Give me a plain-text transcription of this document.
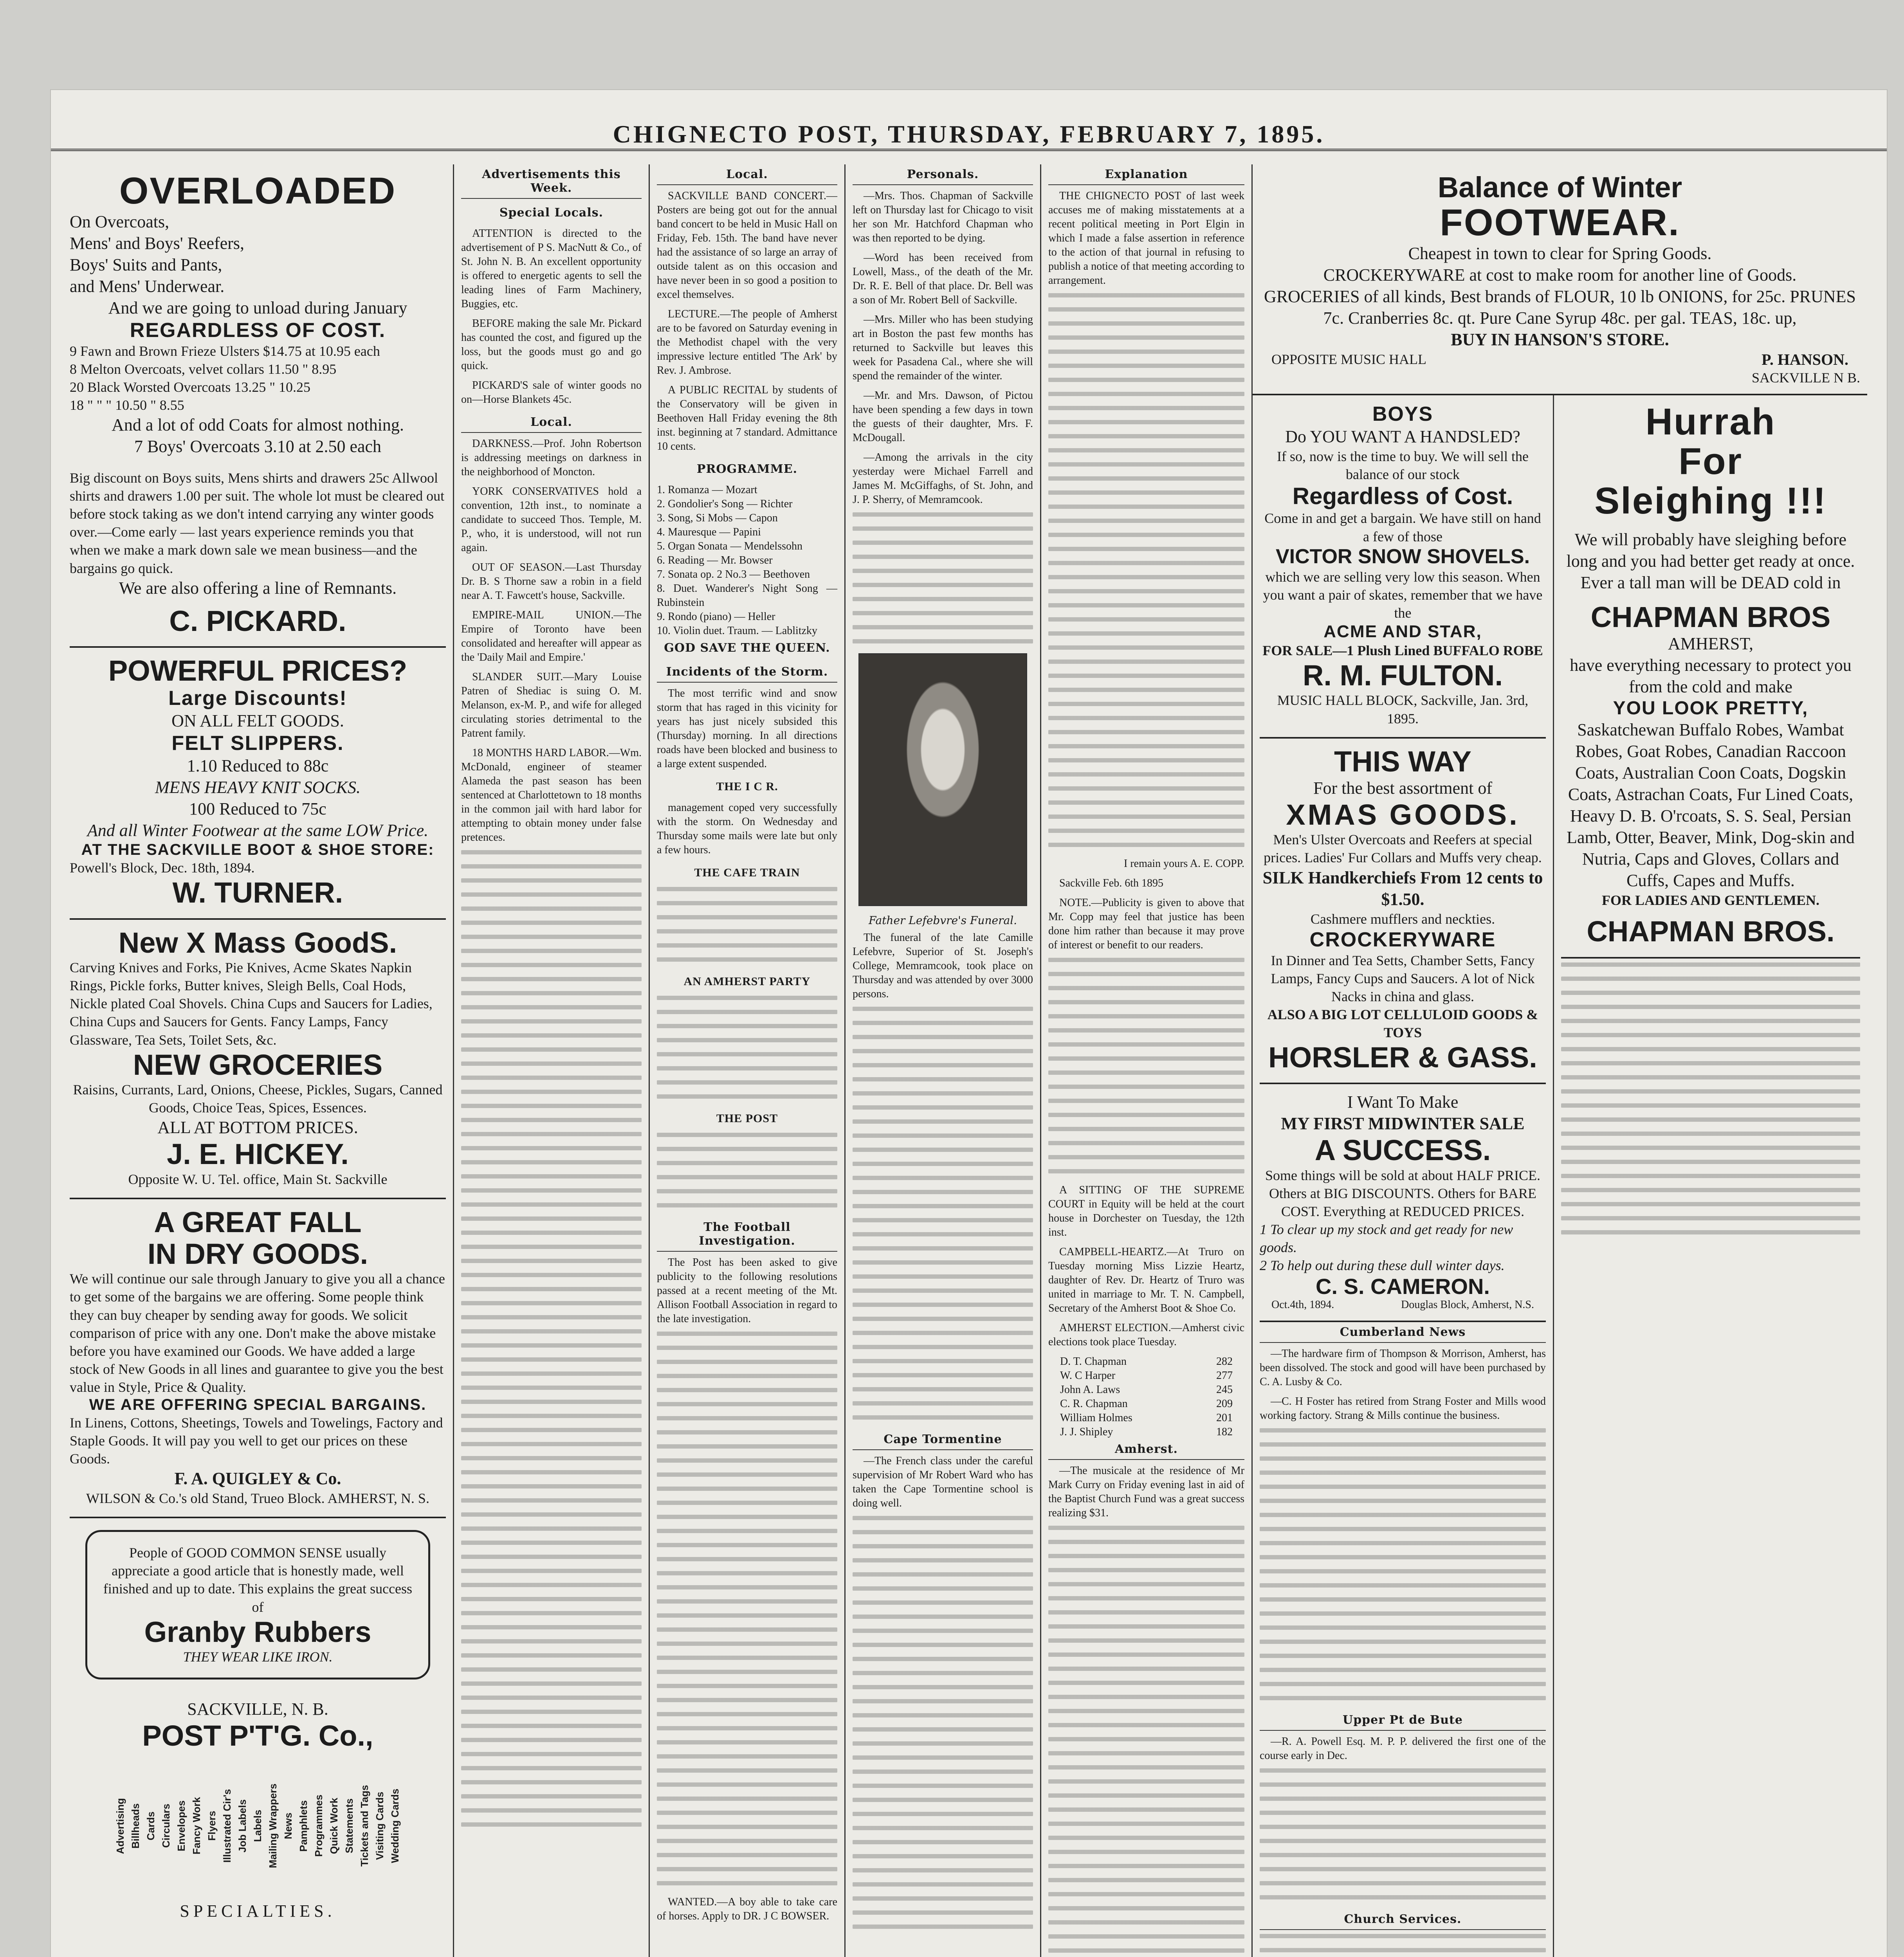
CHIGNECTO POST, THURSDAY, FEBRUARY 7, 1895.
OVERLOADED
On Overcoats,
Mens' and Boys' Reefers,
Boys' Suits and Pants,
and Mens' Underwear.
And we are going to unload during January
REGARDLESS OF COST.
9 Fawn and Brown Frieze Ulsters $14.75 at 10.95 each
8 Melton Overcoats, velvet collars 11.50 " 8.95
20 Black Worsted Overcoats 13.25 " 10.25
18 " " " 10.50 " 8.55
And a lot of odd Coats for almost nothing.
7 Boys' Overcoats 3.10 at 2.50 each
Big discount on Boys suits, Mens shirts and drawers 25c Allwool shirts and drawers 1.00 per suit. The whole lot must be cleared out before stock taking as we don't intend carrying any winter goods over.—Come early — last years experience reminds you that when we make a mark down sale we mean business—and the bargains go quick.
We are also offering a line of Remnants.
C. PICKARD.
POWERFUL PRICES?
Large Discounts!
ON ALL FELT GOODS.
FELT SLIPPERS.
1.10 Reduced to 88c
MENS HEAVY KNIT SOCKS.
100 Reduced to 75c
And all Winter Footwear at the same LOW Price.
AT THE SACKVILLE BOOT & SHOE STORE:
Powell's Block, Dec. 18th, 1894.
W. TURNER.
New X Mass GoodS.
Carving Knives and Forks, Pie Knives, Acme Skates Napkin Rings, Pickle forks, Butter knives, Sleigh Bells, Coal Hods, Nickle plated Coal Shovels. China Cups and Saucers for Ladies, China Cups and Saucers for Gents. Fancy Lamps, Fancy Glassware, Tea Sets, Toilet Sets, &c.
NEW GROCERIES
Raisins, Currants, Lard, Onions, Cheese, Pickles, Sugars, Canned Goods, Choice Teas, Spices, Essences.
ALL AT BOTTOM PRICES.
J. E. HICKEY.
Opposite W. U. Tel. office, Main St. Sackville
A GREAT FALL
IN DRY GOODS.
We will continue our sale through January to give you all a chance to get some of the bargains we are offering. Some people think they can buy cheaper by sending away for goods. We solicit comparison of price with any one. Don't make the above mistake before you have examined our Goods. We have added a large stock of New Goods in all lines and guarantee to give you the best value in Style, Price & Quality.
WE ARE OFFERING SPECIAL BARGAINS.
In Linens, Cottons, Sheetings, Towels and Towelings, Factory and Staple Goods. It will pay you well to get our prices on these Goods.
F. A. QUIGLEY & Co.
WILSON & Co.'s old Stand, Trueo Block. AMHERST, N. S.
People of GOOD COMMON SENSE usually appreciate a good article that is honestly made, well finished and up to date. This explains the great success of
Granby Rubbers
THEY WEAR LIKE IRON.
SACKVILLE, N. B.
POST P'T'G. Co.,
Advertising Billheads Cards Circulars Envelopes Fancy Work Flyers Illustrated Cir's Job Labels Labels Mailing Wrappers News Pamphlets Programmes Quick Work Statements Tickets and Tags Visiting Cards Wedding Cards
SPECIALTIES.
Advertisements this Week.
Special Locals.

ATTENTION is directed to the advertisement of P S. MacNutt & Co., of St. John N. B. An excellent opportunity is offered to energetic agents to sell the leading lines of Farm Machinery, Buggies, etc.

BEFORE making the sale Mr. Pickard has counted the cost, and figured up the loss, but the goods must go and go quick.

PICKARD'S sale of winter goods no on—Horse Blankets 45c.

Local.

DARKNESS.—Prof. John Robertson is addressing meetings on darkness in the neighborhood of Moncton.

YORK CONSERVATIVES hold a convention, 12th inst., to nominate a candidate to succeed Thos. Temple, M. P., who, it is understood, will not run again.

OUT OF SEASON.—Last Thursday Dr. B. S Thorne saw a robin in a field near A. T. Fawcett's house, Sackville.

EMPIRE-MAIL UNION.—The Empire of Toronto have been consolidated and hereafter will appear as the 'Daily Mail and Empire.'

SLANDER SUIT.—Mary Louise Patren of Shediac is suing O. M. Melanson, ex-M. P., and wife for alleged circulating stories detrimental to the Patrent family.

18 MONTHS HARD LABOR.—Wm. McDonald, engineer of steamer Alameda the past season has been sentenced at Charlottetown to 18 months in the common jail with hard labor for attempting to obtain money under false pretences.

Local.

SACKVILLE BAND CONCERT.—Posters are being got out for the annual band concert to be held in Music Hall on Friday, Feb. 15th. The band have never had the assistance of so large an array of outside talent as on this occasion and have never been in so good a position to excel themselves.

LECTURE.—The people of Amherst are to be favored on Saturday evening in the Methodist chapel with the very impressive lecture entitled 'The Ark' by Rev. J. Ambrose.

A PUBLIC RECITAL by students of the Conservatory will be given in Beethoven Hall Friday evening the 8th inst. beginning at 7 standard. Admittance 10 cents.

PROGRAMME.
1. Romanza — Mozart
2. Gondolier's Song — Richter
3. Song, Si Mobs — Capon
4. Mauresque — Papini
5. Organ Sonata — Mendelssohn
6. Reading — Mr. Bowser
7. Sonata op. 2 No.3 — Beethoven
8. Duet. Wanderer's Night Song — Rubinstein
9. Rondo (piano) — Heller
10. Violin duet. Traum. — Lablitzky
GOD SAVE THE QUEEN.
Incidents of the Storm.

The most terrific wind and snow storm that has raged in this vicinity for years has just nicely subsided this (Thursday) morning. In all directions roads have been blocked and business to a large extent suspended.

THE I C R.

management coped very successfully with the storm. On Wednesday and Thursday some mails were late but only a few hours.

THE CAFE TRAIN
AN AMHERST PARTY
THE POST
The Football Investigation.

The Post has been asked to give publicity to the following resolutions passed at a recent meeting of the Mt. Allison Football Association in regard to the late investigation.

WANTED.—A boy able to take care of horses. Apply to DR. J C BOWSER.

Personals.

—Mrs. Thos. Chapman of Sackville left on Thursday last for Chicago to visit her son Mr. Hatchford Chapman who was then reported to be dying.

—Word has been received from Lowell, Mass., of the death of the Mr. Dr. R. E. Bell of that place. Dr. Bell was a son of Mr. Robert Bell of Sackville.

—Mrs. Miller who has been studying art in Boston the past few months has returned to Sackville but leaves this week for Pasadena Cal., where she will spend the remainder of the winter.

—Mr. and Mrs. Dawson, of Pictou have been spending a few days in town the guests of their daughter, Mrs. F. McDougall.

—Among the arrivals in the city yesterday were Michael Farrell and James M. McGiffaghs, of St. John, and J. P. Sherry, of Memramcook.

Father Lefebvre's Funeral.

The funeral of the late Camille Lefebvre, Superior of St. Joseph's College, Memramcook, took place on Thursday and was attended by over 3000 persons.

Cape Tormentine

—The French class under the careful supervision of Mr Robert Ward who has taken the Cape Tormentine school is doing well.

Explanation

THE CHIGNECTO POST of last week accuses me of making misstatements at a recent political meeting in Port Elgin in which I made a false assertion in reference to the action of that journal in refusing to publish a notice of that meeting according to arrangement.

I remain yours A. E. COPP.

Sackville Feb. 6th 1895

NOTE.—Publicity is given to above that Mr. Copp may feel that justice has been done him rather than because it may prove of interest or benefit to our readers.

A SITTING OF THE SUPREME COURT in Equity will be held at the court house in Dorchester on Tuesday, the 12th inst.

CAMPBELL-HEARTZ.—At Truro on Tuesday morning Miss Lizzie Heartz, daughter of Rev. Dr. Heartz of Truro was united in marriage to Mr. T. N. Campbell, Secretary of the Amherst Boot & Shoe Co.

AMHERST ELECTION.—Amherst civic elections took place Tuesday.

D. T. Chapman	282
W. C Harper	277
John A. Laws	245
C. R. Chapman	209
William Holmes	201
J. J. Shipley	182
Amherst.

—The musicale at the residence of Mr Mark Curry on Friday evening last in aid of the Baptist Church Fund was a great success realizing $31.

Balance of Winter
FOOTWEAR.
Cheapest in town to clear for Spring Goods.
CROCKERYWARE at cost to make room for another line of Goods.
GROCERIES of all kinds, Best brands of FLOUR, 10 lb ONIONS, for 25c. PRUNES 7c. Cranberries 8c. qt. Pure Cane Syrup 48c. per gal. TEAS, 18c. up,
BUY IN HANSON'S STORE.
OPPOSITE MUSIC HALL	P. HANSON.
SACKVILLE N B.
BOYS
Do YOU WANT A HANDSLED?
If so, now is the time to buy. We will sell the balance of our stock
Regardless of Cost.
Come in and get a bargain. We have still on hand a few of those
VICTOR SNOW SHOVELS.
which we are selling very low this season. When you want a pair of skates, remember that we have the
ACME AND STAR,
FOR SALE—1 Plush Lined BUFFALO ROBE
R. M. FULTON.
MUSIC HALL BLOCK, Sackville, Jan. 3rd, 1895.
THIS WAY
For the best assortment of
XMAS GOODS.
Men's Ulster Overcoats and Reefers at special prices. Ladies' Fur Collars and Muffs very cheap.
SILK Handkerchiefs From 12 cents to $1.50.
Cashmere mufflers and neckties.
CROCKERYWARE
In Dinner and Tea Setts, Chamber Setts, Fancy Lamps, Fancy Cups and Saucers. A lot of Nick Nacks in china and glass.
ALSO A BIG LOT CELLULOID GOODS & TOYS
HORSLER & GASS.
I Want To Make
MY FIRST MIDWINTER SALE
A SUCCESS.
Some things will be sold at about HALF PRICE. Others at BIG DISCOUNTS. Others for BARE COST. Everything at REDUCED PRICES.
1 To clear up my stock and get ready for new goods.
2 To help out during these dull winter days.
C. S. CAMERON.
Oct.4th, 1894.	Douglas Block, Amherst, N.S.
Cumberland News

—The hardware firm of Thompson & Morrison, Amherst, has been dissolved. The stock and good will have been purchased by C. A. Lusby & Co.

—C. H Foster has retired from Strang Foster and Mills wood working factory. Strang & Mills continue the business.

Upper Pt de Bute

—R. A. Powell Esq. M. P. P. delivered the first one of the course early in Dec.

Church Services.
Hurrah
For
Sleighing !!!
We will probably have sleighing before long and you had better get ready at once. Ever a tall man will be DEAD cold in
CHAPMAN BROS
AMHERST,
have everything necessary to protect you from the cold and make
YOU LOOK PRETTY,
Saskatchewan Buffalo Robes, Wambat Robes, Goat Robes, Canadian Raccoon Coats, Australian Coon Coats, Dogskin Coats, Astrachan Coats, Fur Lined Coats, Heavy D. B. O'rcoats, S. S. Seal, Persian Lamb, Otter, Beaver, Mink, Dog-skin and Nutria, Caps and Gloves, Collars and Cuffs, Capes and Muffs.
FOR LADIES AND GENTLEMEN.
CHAPMAN BROS.
